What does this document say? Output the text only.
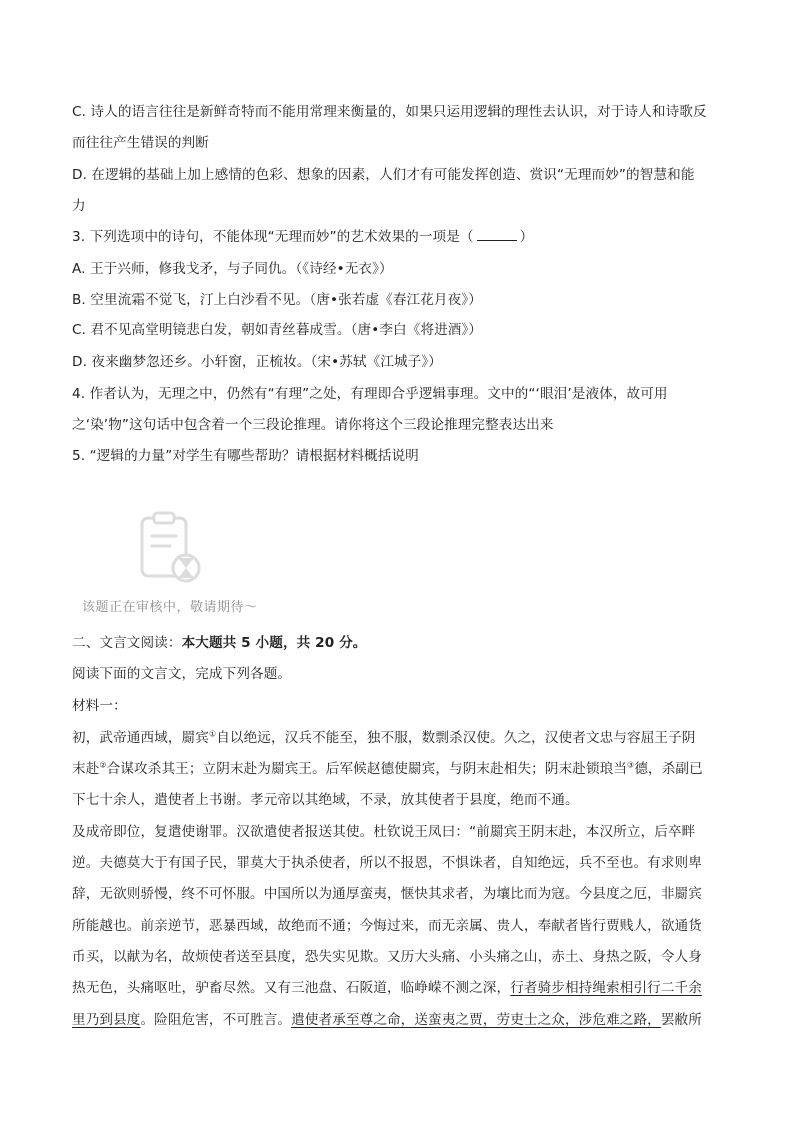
C. 诗人的语言往往是新鲜奇特而不能用常理来衡量的，如果只运用逻辑的理性去认识，对于诗人和诗歌反
而往往产生错误的判断
D. 在逻辑的基础上加上感情的色彩、想象的因素，人们才有可能发挥创造、赏识“无理而妙”的智慧和能
力
3. 下列选项中的诗句，不能体现“无理而妙”的艺术效果的一项是（	）
A. 王于兴师，修我戈矛，与子同仇。（《诗经•无衣》）
B. 空里流霜不觉飞，汀上白沙看不见。（唐•张若虚《春江花月夜》）
C. 君不见高堂明镜悲白发，朝如青丝暮成雪。（唐•李白《将进酒》）
D. 夜来幽梦忽还乡。小轩窗，正梳妆。（宋•苏轼《江城子》）
4. 作者认为，无理之中，仍然有“有理”之处，有理即合乎逻辑事理。文中的“‘眼泪’是液体，故可用
之‘染’物”这句话中包含着一个三段论推理。请你将这个三段论推理完整表达出来
5. “逻辑的力量”对学生有哪些帮助？请根据材料概括说明
该题正在审核中，敬请期待～
二、文言文阅读：本大题共 5 小题，共 20 分。
阅读下面的文言文，完成下列各题。
材料一：
初，武帝通西域，罽宾①自以绝远，汉兵不能至，独不服，数剽杀汉使。久之，汉使者文忠与容屈王子阴
末赴②合谋攻杀其王；立阴末赴为罽宾王。后军候赵德使罽宾，与阴末赴相失；阴末赴锁琅当③德，杀副已
下七十余人，遣使者上书谢。孝元帝以其绝域，不录，放其使者于县度，绝而不通。
及成帝即位，复遣使谢罪。汉欲遣使者报送其使。杜钦说王凤曰：“前罽宾王阴末赴，本汉所立，后卒畔
逆。夫德莫大于有国子民，罪莫大于执杀使者，所以不报恩，不惧诛者，自知绝远，兵不至也。有求则卑
辞，无欲则骄慢，终不可怀服。中国所以为通厚蛮夷，惬快其求者，为壤比而为寇。今县度之厄，非罽宾
所能越也。前亲逆节，恶暴西域，故绝而不通；今悔过来，而无亲属、贵人，奉献者皆行贾贱人，欲通货
币买，以献为名，故烦使者送至县度，恐失实见欺。又历大头痛、小头痛之山，赤土、身热之阪，令人身
热无色，头痛呕吐，驴畜尽然。又有三池盘、石阪道，临峥嵘不测之深，行者骑步相持绳索相引行二千余
里乃到县度。险阻危害，不可胜言。遣使者承至尊之命，送蛮夷之贾，劳吏士之众，涉危难之路，罢敝所
